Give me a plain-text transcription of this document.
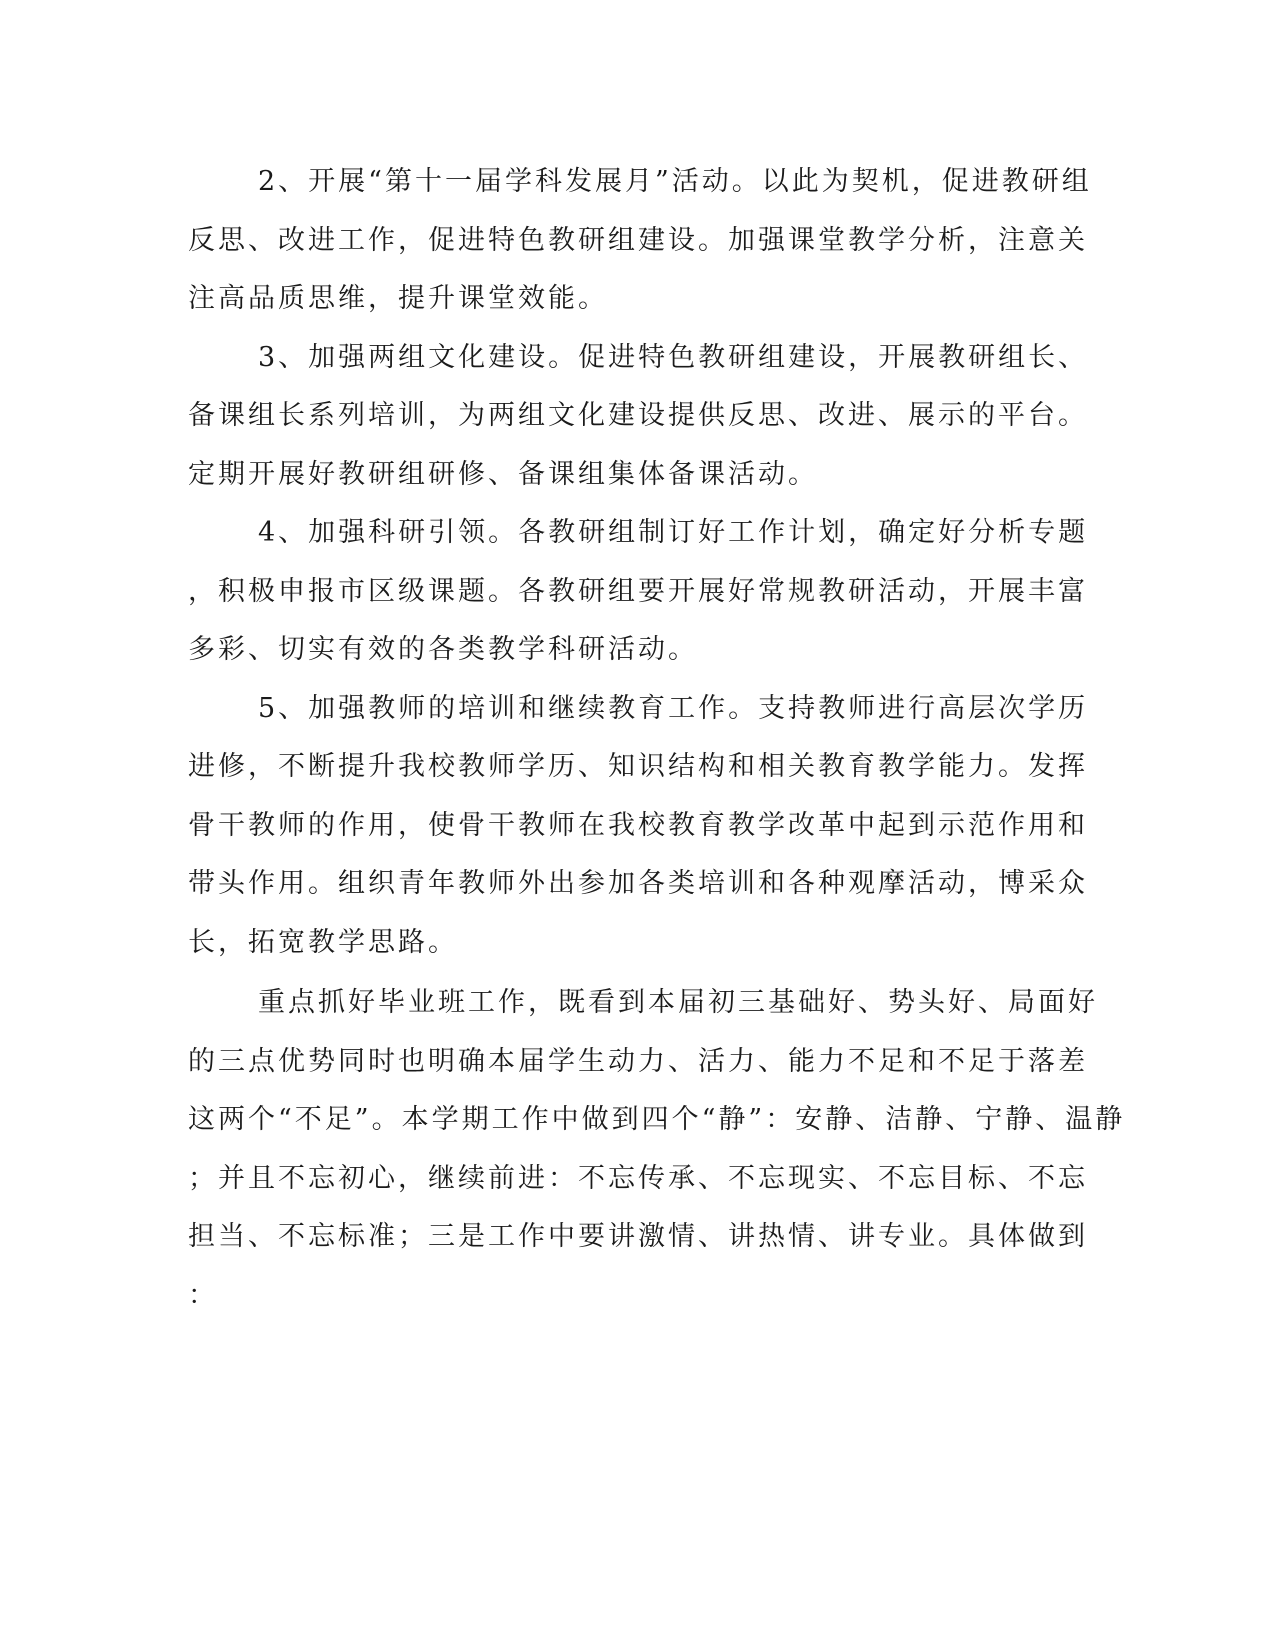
2、开展“第十一届学科发展月”活动。以此为契机，促进教研组
反思、改进工作，促进特色教研组建设。加强课堂教学分析，注意关
注高品质思维，提升课堂效能。
3、加强两组文化建设。促进特色教研组建设，开展教研组长、
备课组长系列培训，为两组文化建设提供反思、改进、展示的平台。
定期开展好教研组研修、备课组集体备课活动。
4、加强科研引领。各教研组制订好工作计划，确定好分析专题
，积极申报市区级课题。各教研组要开展好常规教研活动，开展丰富
多彩、切实有效的各类教学科研活动。
5、加强教师的培训和继续教育工作。支持教师进行高层次学历
进修，不断提升我校教师学历、知识结构和相关教育教学能力。发挥
骨干教师的作用，使骨干教师在我校教育教学改革中起到示范作用和
带头作用。组织青年教师外出参加各类培训和各种观摩活动，博采众
长，拓宽教学思路。
重点抓好毕业班工作，既看到本届初三基础好、势头好、局面好
的三点优势同时也明确本届学生动力、活力、能力不足和不足于落差
这两个“不足”。本学期工作中做到四个“静”：安静、洁静、宁静、温静
；并且不忘初心，继续前进：不忘传承、不忘现实、不忘目标、不忘
担当、不忘标准；三是工作中要讲激情、讲热情、讲专业。具体做到
：
